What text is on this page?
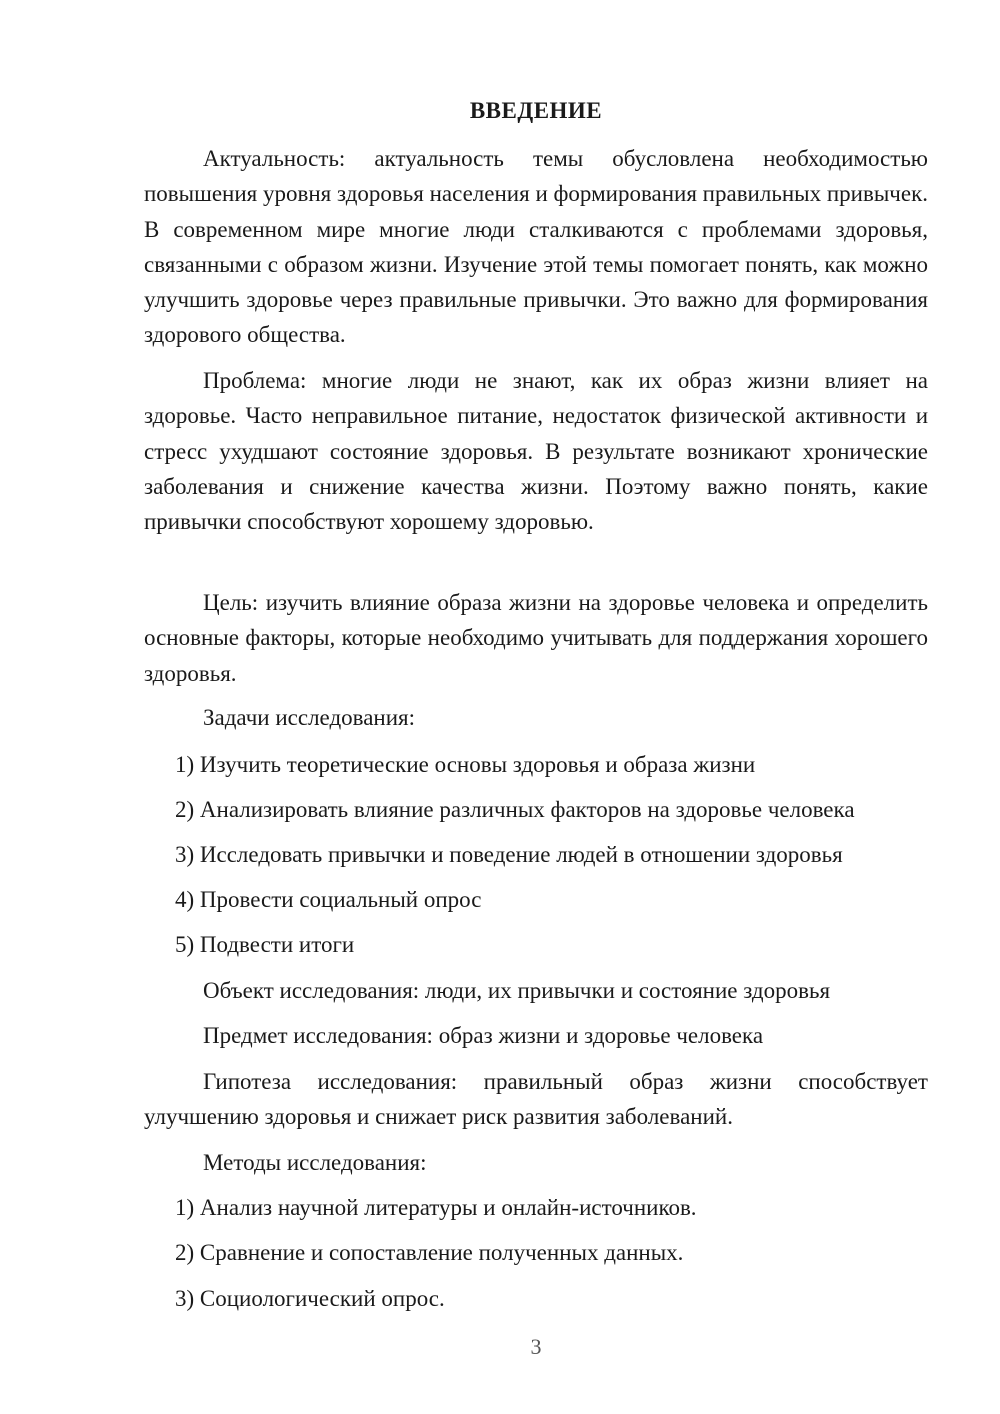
ВВЕДЕНИЕ

Актуальность: актуальность темы обусловлена необходимостью повышения уровня здоровья населения и формирования правильных привычек. В современном мире многие люди сталкиваются с проблемами здоровья, связанными с образом жизни. Изучение этой темы помогает понять, как можно улучшить здоровье через правильные привычки. Это важно для формирования здорового общества.

Проблема: многие люди не знают, как их образ жизни влияет на здоровье. Часто неправильное питание, недостаток физической активности и стресс ухудшают состояние здоровья. В результате возникают хронические заболевания и снижение качества жизни. Поэтому важно понять, какие привычки способствуют хорошему здоровью.

Цель: изучить влияние образа жизни на здоровье человека и определить основные факторы, которые необходимо учитывать для поддержания хорошего здоровья.

Задачи исследования:
1) Изучить теоретические основы здоровья и образа жизни
2) Анализировать влияние различных факторов на здоровье человека
3) Исследовать привычки и поведение людей в отношении здоровья
4) Провести социальный опрос
5) Подвести итоги
Объект исследования: люди, их привычки и состояние здоровья
Предмет исследования: образ жизни и здоровье человека

Гипотеза исследования: правильный образ жизни способствует улучшению здоровья и снижает риск развития заболеваний.

Методы исследования:
1) Анализ научной литературы и онлайн-источников.
2) Сравнение и сопоставление полученных данных.
3) Социологический опрос.
3
